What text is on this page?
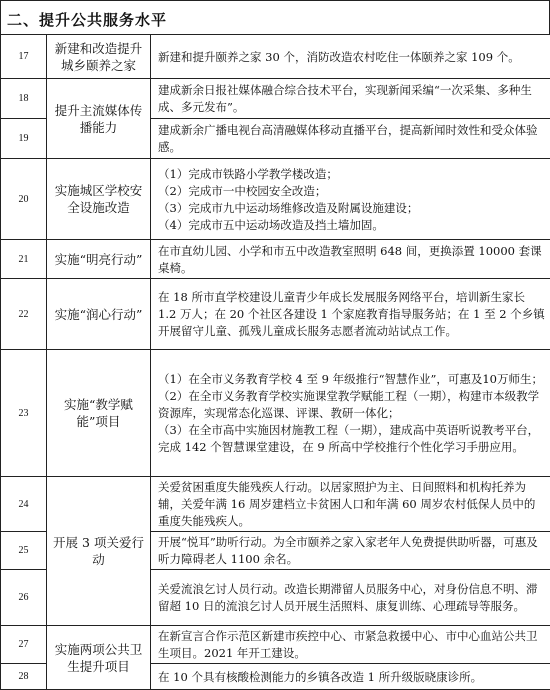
二、提升公共服务水平
17	新建和改造提升城乡颐养之家	新建和提升颐养之家 30 个，消防改造农村吃住一体颐养之家 109 个。
18	提升主流媒体传播能力	建成新余日报社媒体融合综合技术平台，实现新闻采编“一次采集、多种生成、多元发布”。
19		建成新余广播电视台高清融媒体移动直播平台，提高新闻时效性和受众体验感。
20	实施城区学校安全设施改造	（1）完成市铁路小学教学楼改造；
（2）完成市一中校园安全改造；
（3）完成市九中运动场维修改造及附属设施建设；
（4）完成市五中运动场改造及挡土墙加固。

21	实施“明亮行动”	在市直幼儿园、小学和市五中改造教室照明 648 间，更换添置 10000 套课桌椅。
22	实施“润心行动”	在 18 所市直学校建设儿童青少年成长发展服务网络平台，培训新生家长 1.2 万人；在 20 个社区各建设 1 个家庭教育指导服务站；在 1 至 2 个乡镇开展留守儿童、孤残儿童成长服务志愿者流动站试点工作。
23	实施“教学赋能”项目	（1）在全市义务教育学校 4 至 9 年级推行“智慧作业”，可惠及10万师生；
（2）在全市义务教育学校实施课堂教学赋能工程（一期），构建市本级教学资源库，实现常态化巡课、评课、教研一体化；
（3）在全市高中实施因材施教工程（一期），建成高中英语听说教考平台，完成 142 个智慧课堂建设，在 9 所高中学校推行个性化学习手册应用。

24	开展 3 项关爱行动	关爱贫困重度失能残疾人行动。以居家照护为主、日间照料和机构托养为辅，关爱年满 16 周岁建档立卡贫困人口和年满 60 周岁农村低保人员中的重度失能残疾人。
25		开展“悦耳”助听行动。为全市颐养之家入家老年人免费提供助听器，可惠及听力障碍老人 1100 余名。
26		关爱流浪乞讨人员行动。改造长期滞留人员服务中心，对身份信息不明、滞留超 10 日的流浪乞讨人员开展生活照料、康复训练、心理疏导等服务。
27	实施两项公共卫生提升项目	在新宣言合作示范区新建市疾控中心、市紧急救援中心、市中心血站公共卫生项目。2021 年开工建设。
28		在 10 个具有核酸检测能力的乡镇各改造 1 所升级版晓康诊所。
